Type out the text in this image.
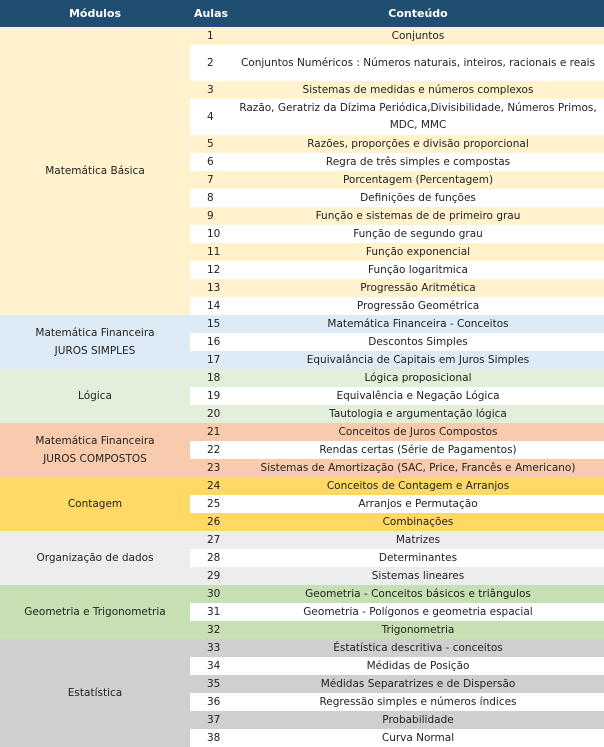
Módulos	Aulas	Conteúdo
Matemática Básica	1	Conjuntos
	2	Conjuntos Numéricos : Números naturais, inteiros, racionais e reais
	3	Sistemas de medidas e números complexos
	4	Razão, Geratriz da Dízima Periódica,Divisibilidade, Números Primos, MDC, MMC
	5	Razões, proporções e divisão proporcional
	6	Regra de três simples e compostas
	7	Porcentagem (Percentagem)
	8	Definições de funções
	9	Função e sistemas de de primeiro grau
	10	Função de segundo grau
	11	Função exponencial
	12	Função logaritmica
	13	Progressão Aritmética
	14	Progressão Geométrica
Matemática Financeira
JUROS SIMPLES	15	Matemática Financeira - Conceitos
	16	Descontos Simples
	17	Equivalância de Capitais em Juros Simples
Lógica	18	Lógica proposicional
	19	Equivalência e Negação Lógica
	20	Tautologia e argumentação lógica
Matemática Financeira
JUROS COMPOSTOS	21	Conceitos de Juros Compostos
	22	Rendas certas (Série de Pagamentos)
	23	Sistemas de Amortização (SAC, Price, Francês e Americano)
Contagem	24	Conceitos de Contagem e Arranjos
	25	Arranjos e Permutação
	26	Combinações
Organização de dados	27	Matrizes
	28	Determinantes
	29	Sistemas lineares
Geometria e Trigonometria	30	Geometria - Conceitos básicos e triângulos
	31	Geometria - Polígonos e geometria espacial
	32	Trigonometria
Estatística	33	Éstatística descritiva - conceitos
	34	Médidas de Posição
	35	Médidas Separatrizes e de Dispersão
	36	Regressão simples e números índices
	37	Probabilidade
	38	Curva Normal
